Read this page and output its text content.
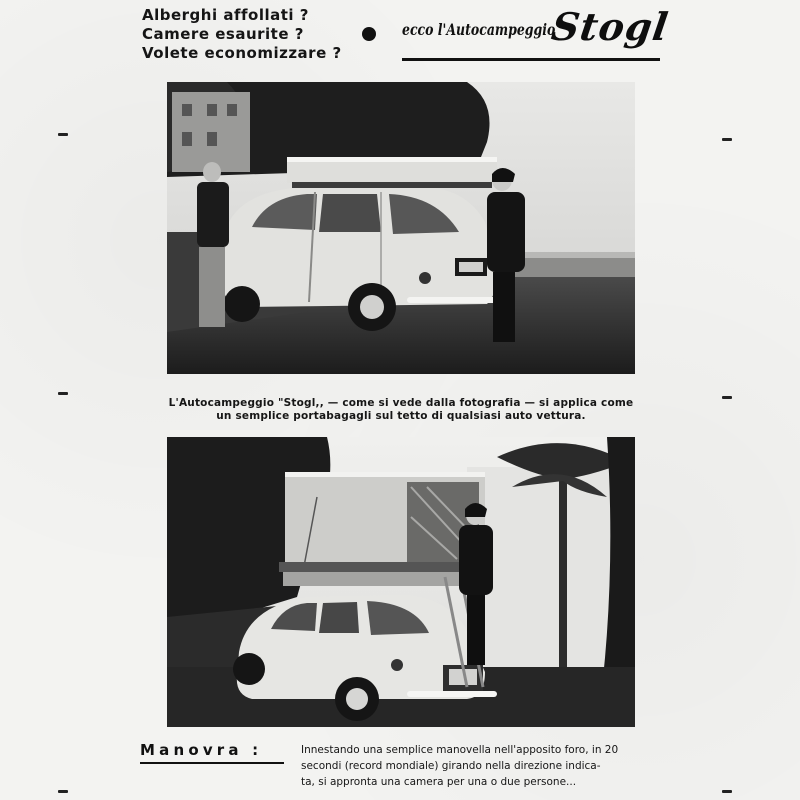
Alberghi affollati ?
Camere esaurite ?
Volete economizzare ?
ecco l'Autocampeggio
Stogl
L'Autocampeggio "Stogl,, — come si vede dalla fotografia — si applica come
un semplice portabagagli sul tetto di qualsiasi auto vettura.
Manovra :	Innestando una semplice manovella nell'apposito foro, in 20
secondi (record mondiale) girando nella direzione indica-
ta, si approntа una camera per una o due persone...
